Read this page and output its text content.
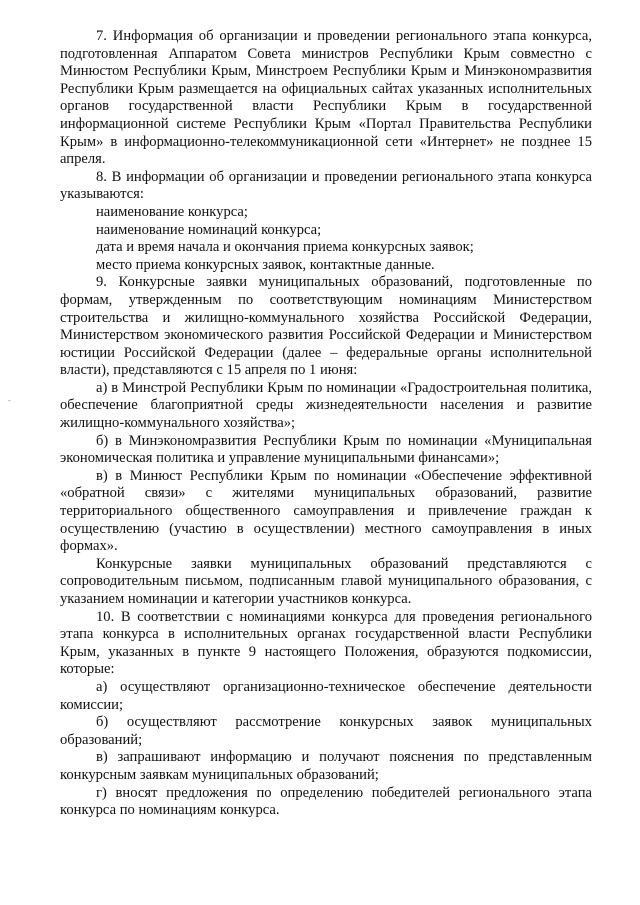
-

7. Информация об организации и проведении регионального этапа конкурса, подготовленная Аппаратом Совета министров Республики Крым совместно с Минюстом Республики Крым, Минстроем Республики Крым и Минэкономразвития Республики Крым размещается на официальных сайтах указанных исполнительных органов государственной власти Республики Крым в государственной информационной системе Республики Крым «Портал Правительства Республики Крым» в информационно-телекоммуникационной сети «Интернет» не позднее 15 апреля.

8. В информации об организации и проведении регионального этапа конкурса указываются:

наименование конкурса;

наименование номинаций конкурса;

дата и время начала и окончания приема конкурсных заявок;

место приема конкурсных заявок, контактные данные.

9. Конкурсные заявки муниципальных образований, подготовленные по формам, утвержденным по соответствующим номинациям Министерством строительства и жилищно-коммунального хозяйства Российской Федерации, Министерством экономического развития Российской Федерации и Министерством юстиции Российской Федерации (далее – федеральные органы исполнительной власти), представляются с 15 апреля по 1 июня:

а) в Минстрой Республики Крым по номинации «Градостроительная политика, обеспечение благоприятной среды жизнедеятельности населения и развитие жилищно-коммунального хозяйства»;

б) в Минэкономразвития Республики Крым по номинации «Муниципальная экономическая политика и управление муниципальными финансами»;

в) в Минюст Республики Крым по номинации «Обеспечение эффективной «обратной связи» с жителями муниципальных образований, развитие территориального общественного самоуправления и привлечение граждан к осуществлению (участию в осуществлении) местного самоуправления в иных формах».

Конкурсные заявки муниципальных образований представляются с сопроводительным письмом, подписанным главой муниципального образования, с указанием номинации и категории участников конкурса.

10. В соответствии с номинациями конкурса для проведения регионального этапа конкурса в исполнительных органах государственной власти Республики Крым, указанных в пункте 9 настоящего Положения, образуются подкомиссии, которые:

а) осуществляют организационно-техническое обеспечение деятельности комиссии;

б) осуществляют рассмотрение конкурсных заявок муниципальных образований;

в) запрашивают информацию и получают пояснения по представленным конкурсным заявкам муниципальных образований;

г) вносят предложения по определению победителей регионального этапа конкурса по номинациям конкурса.
